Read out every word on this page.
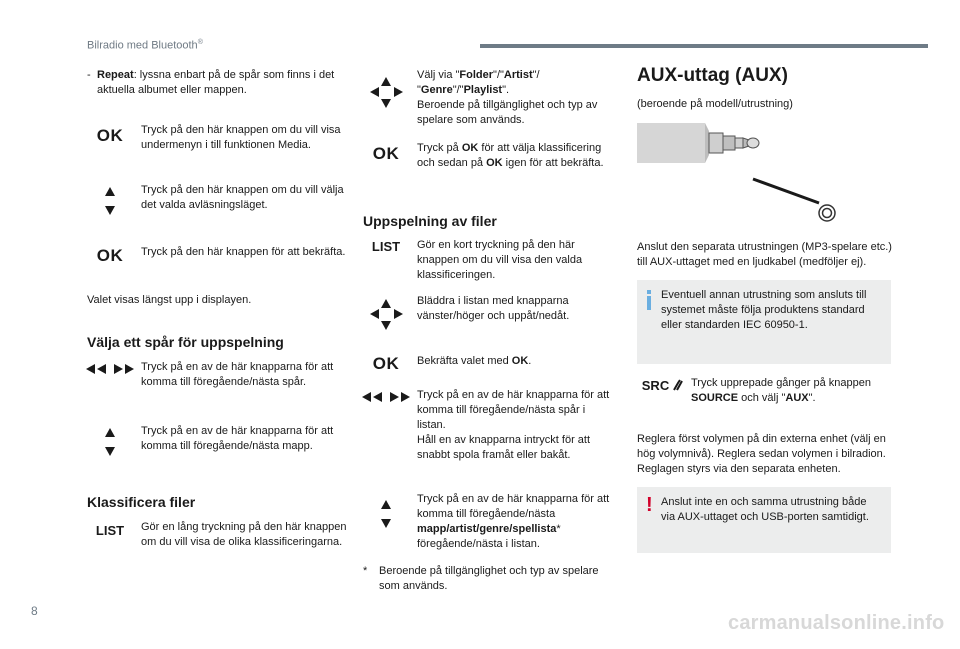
Bilradio med Bluetooth®
- Repeat: lyssna enbart på de spår som finns i det aktuella albumet eller mappen.
OK Tryck på den här knappen om du vill visa undermenyn i till funktionen Media.
Tryck på den här knappen om du vill välja det valda avläsningsläget.
OK Tryck på den här knappen för att bekräfta.
Valet visas längst upp i displayen.
Välja ett spår för uppspelning
Tryck på en av de här knapparna för att komma till föregående/nästa spår.
Tryck på en av de här knapparna för att komma till föregående/nästa mapp.
Klassificera filer
LIST Gör en lång tryckning på den här knappen om du vill visa de olika klassificeringarna.
Välj via "Folder"/"Artist"/ "Genre"/"Playlist".
Beroende på tillgänglighet och typ av spelare som används.
OK Tryck på OK för att välja klassificering och sedan på OK igen för att bekräfta.
Uppspelning av filer
LIST Gör en kort tryckning på den här knappen om du vill visa den valda klassificeringen.
Bläddra i listan med knapparna vänster/höger och uppåt/nedåt.
OK Bekräfta valet med OK.
Tryck på en av de här knapparna för att komma till föregående/nästa spår i listan.
Håll en av knapparna intryckt för att snabbt spola framåt eller bakåt.
Tryck på en av de här knapparna för att komma till föregående/nästa
mapp/artist/genre/spellista*
föregående/nästa i listan.
* Beroende på tillgänglighet och typ av spelare som används.
AUX-uttag (AUX)
(beroende på modell/utrustning)
Anslut den separata utrustningen (MP3-spelare etc.) till AUX-uttaget med en ljudkabel (medföljer ej).
Eventuell annan utrustning som ansluts till systemet måste följa produktens standard eller standarden IEC 60950-1.
SRC Tryck upprepade gånger på knappen SOURCE och välj "AUX".
Reglera först volymen på din externa enhet (välj en hög volymnivå). Reglera sedan volymen i bilradion. Reglagen styrs via den separata enheten.
! Anslut inte en och samma utrustning både via AUX-uttaget och USB-porten samtidigt.
8
carmanualsonline.info
